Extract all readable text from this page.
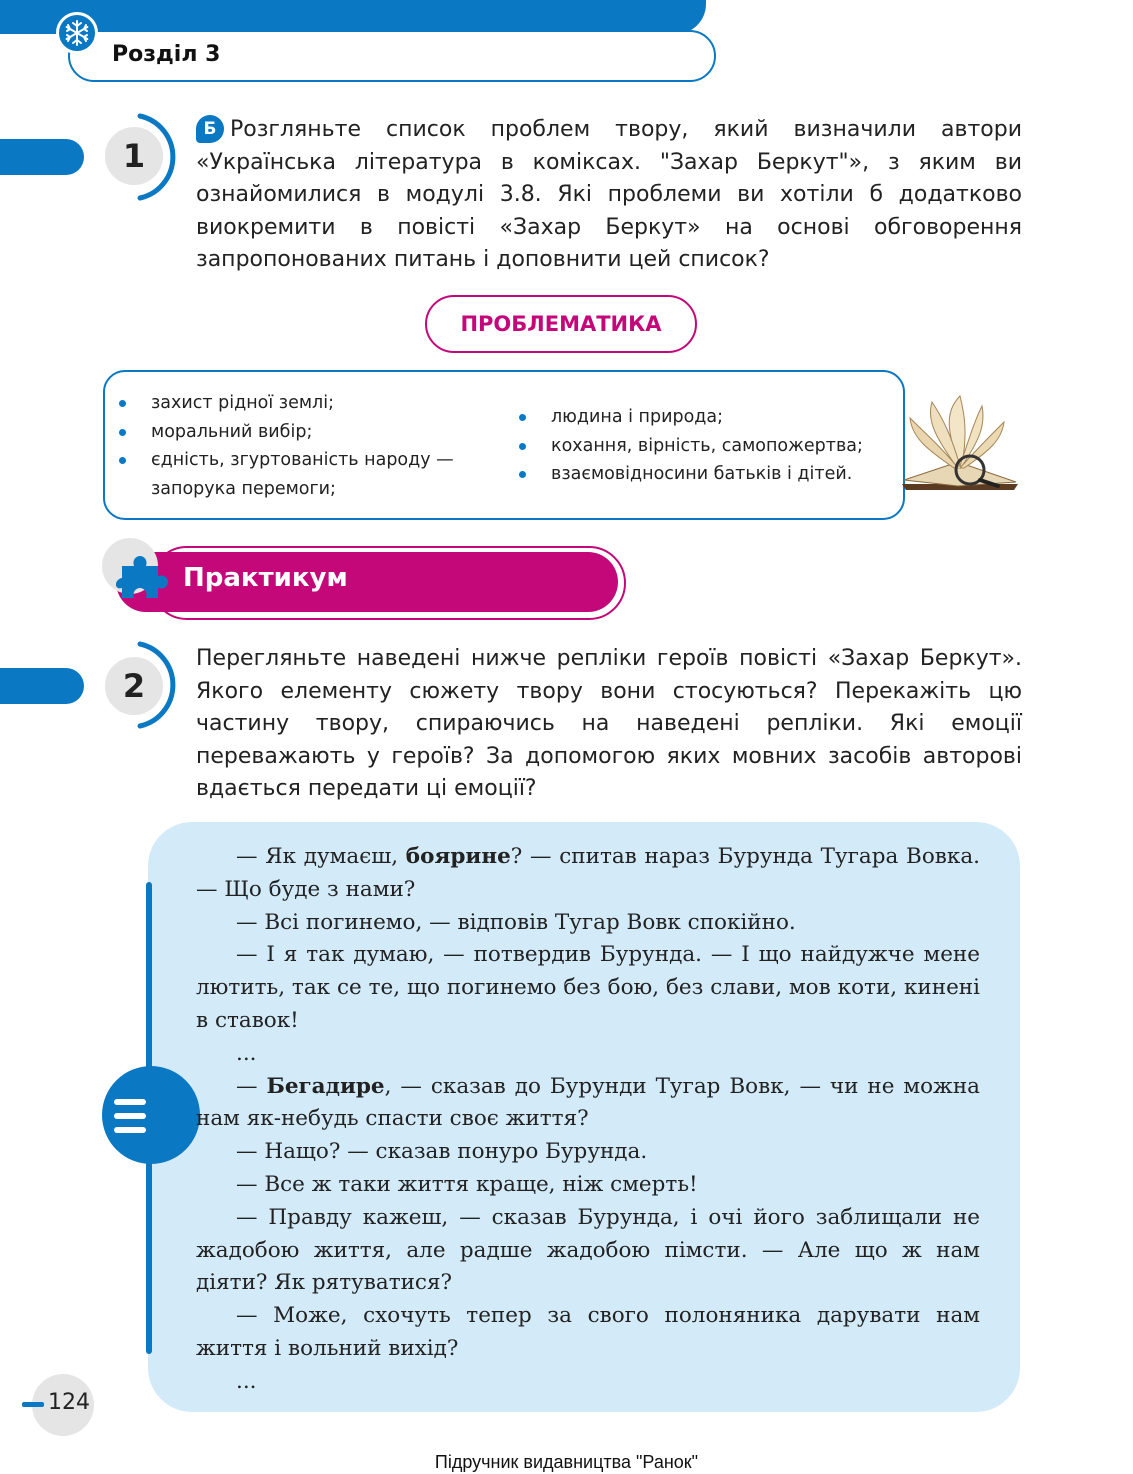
Розділ 3
1
Б Розгляньте список проблем твору, який визначили автори «Українська література в коміксах. "Захар Беркут"», з яким ви ознайомилися в модулі 3.8. Які проблеми ви хотіли б додатково виокремити в повісті «Захар Беркут» на основі обговорення запропонованих питань і доповнити цей список?
ПРОБЛЕМАТИКА
захист рідної землі;
моральний вибір;
єдність, згуртованість народу — запорука перемоги;
людина і природа;
кохання, вірність, самопожертва;
взаємовідносини батьків і дітей.
Практикум
2
Перегляньте наведені нижче репліки героїв повісті «Захар Беркут». Якого елементу сюжету твору вони стосуються? Перекажіть цю частину твору, спираючись на наведені репліки. Які емоції переважають у героїв? За допомогою яких мовних засобів авторові вдається передати ці емоції?

— Як думаєш, боярине? — спитав нараз Бурунда Тугара Вовка. — Що буде з нами?

— Всі погинемо, — відповів Тугар Вовк спокійно.

— І я так думаю, — потвердив Бурунда. — І що найдужче мене лютить, так се те, що погинемо без бою, без слави, мов коти, кинені в ставок!

...

— Бегадире, — сказав до Бурунди Тугар Вовк, — чи не можна нам як-небудь спасти своє життя?

— Нащо? — сказав понуро Бурунда.

— Все ж таки життя краще, ніж смерть!

— Правду кажеш, — сказав Бурунда, і очі його заблищали не жадобою життя, але радше жадобою пімсти. — Але що ж нам діяти? Як рятуватися?

— Може, схочуть тепер за свого полоняника дарувати нам життя і вольний вихід?

...

124
Підручник видавництва "Ранок"
